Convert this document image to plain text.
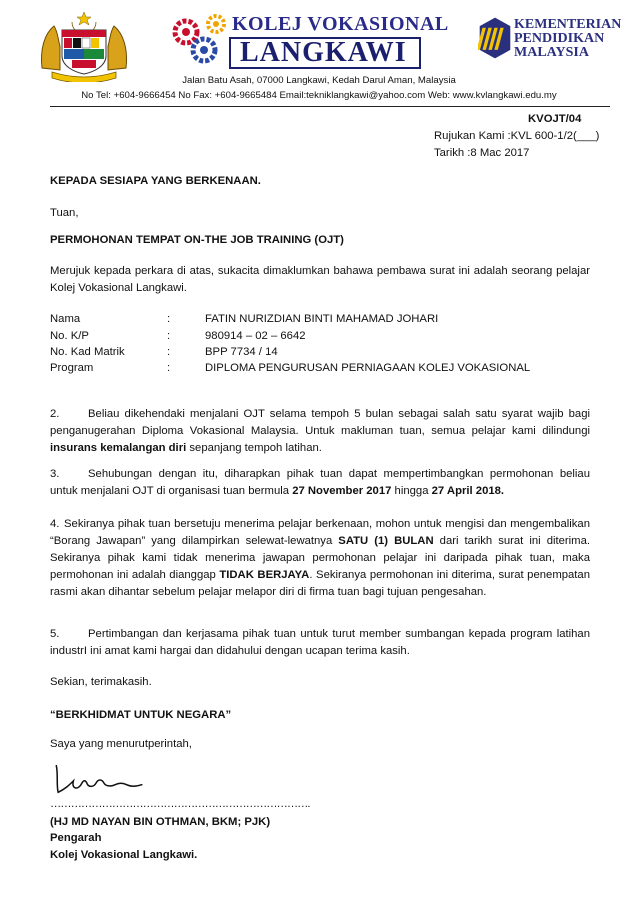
KOLEJ VOKASIONAL
LANGKAWI
KEMENTERIAN
PENDIDIKAN
MALAYSIA
Jalan Batu Asah, 07000 Langkawi, Kedah Darul Aman, Malaysia
No Tel: +604-9666454 No Fax: +604-9665484 Email:tekniklangkawi@yahoo.com Web: www.kvlangkawi.edu.my
KVOJT/04
Rujukan Kami :KVL 600-1/2(___)
Tarikh :8 Mac 2017
KEPADA SESIAPA YANG BERKENAAN.
Tuan,
PERMOHONAN TEMPAT ON-THE JOB TRAINING (OJT)
Merujuk kepada perkara di atas, sukacita dimaklumkan bahawa pembawa surat ini adalah seorang pelajar Kolej Vokasional Langkawi.
Nama	:	FATIN NURIZDIAN BINTI MAHAMAD JOHARI
No. K/P	:	980914 – 02 – 6642
No. Kad Matrik	:	BPP 7734 / 14
Program	:	DIPLOMA PENGURUSAN PERNIAGAAN KOLEJ VOKASIONAL
2.	Beliau dikehendaki menjalani OJT selama tempoh 5 bulan sebagai salah satu syarat wajib bagi penganugerahan Diploma Vokasional Malaysia. Untuk makluman tuan, semua pelajar kami dilindungi insurans kemalangan diri sepanjang tempoh latihan.
3.	Sehubungan dengan itu, diharapkan pihak tuan dapat mempertimbangkan permohonan beliau untuk menjalani OJT di organisasi tuan bermula 27 November 2017 hingga 27 April 2018.
4. Sekiranya pihak tuan bersetuju menerima pelajar berkenaan, mohon untuk mengisi dan mengembalikan “Borang Jawapan” yang dilampirkan selewat-lewatnya SATU (1) BULAN dari tarikh surat ini diterima. Sekiranya pihak kami tidak menerima jawapan permohonan pelajar ini daripada pihak tuan, maka permohonan ini adalah dianggap TIDAK BERJAYA. Sekiranya permohonan ini diterima, surat penempatan rasmi akan dihantar sebelum pelajar melapor diri di firma tuan bagi tujuan pengesahan.
5.	Pertimbangan dan kerjasama pihak tuan untuk turut member sumbangan kepada program latihan industrI ini amat kami hargai dan didahului dengan ucapan terima kasih.
Sekian, terimakasih.
“BERKHIDMAT UNTUK NEGARA”
Saya yang menurutperintah,
………………………………………………………………….
(HJ MD NAYAN BIN OTHMAN, BKM; PJK)
Pengarah
Kolej Vokasional Langkawi.
